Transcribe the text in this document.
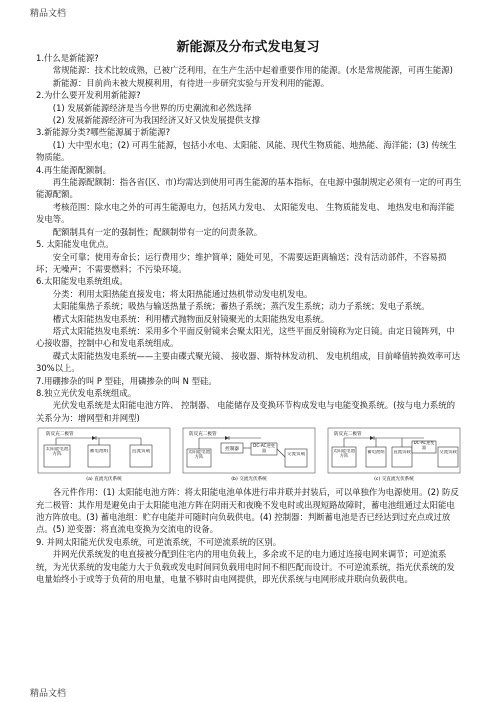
精品文档
新能源及分布式发电复习

1.什么是新能源?

常规能源：技术比较成熟，已被广泛利用，在生产生活中起着重要作用的能源。(水是常规能源，可再生能源)

新能源：目前尚未被大规模利用，有待进一步研究实验与开发利用的能源。

2.为什么要开发利用新能源?

(1) 发展新能源经济是当今世界的历史潮流和必然选择

(2) 发展新能源经济可为我国经济又好又快发展提供支撑

3.新能源分类?哪些能源属于新能源?

(1) 大中型水电；(2) 可再生能源，包括小水电、太阳能、风能、现代生物质能、地热能、海洋能；(3) 传统生物质能。

4.再生能源配额制。

再生能源配额制：指各省(区、市)均需达到使用可再生能源的基本指标，在电源中强制规定必须有一定的可再生能源配额。

考核范围：除水电之外的可再生能源电力，包括风力发电、 太阳能发电、 生物质能发电、 地热发电和海洋能发电等。

配额制具有一定的强制性；配额制带有一定的问责条款。

5. 太阳能发电优点。

安全可靠；使用寿命长；运行费用少；维护简单；随处可见，不需要远距离输送；没有活动部件，不容易损坏；无噪声；不需要燃料；不污染环境。

6.太阳能发电系统组成。

分类：利用太阳热能直接发电；将太阳热能通过热机带动发电机发电。

太阳能集热子系统；吸热与输送热量子系统；蓄热子系统；蒸汽发生系统；动力子系统；发电子系统。

槽式太阳能热发电系统：利用槽式抛物面反射镜聚光的太阳能热发电系统。

塔式太阳能热发电系统：采用多个平面反射镜来会聚太阳光，这些平面反射镜称为定日镜。由定日镜阵列，中心接收器，控制中心和发电系统组成。

碟式太阳能热发电系统——主要由碟式聚光镜、 接收器、斯特林发动机、 发电机组成，目前峰值转换效率可达 30%以上。

7.用硼掺杂的叫 P 型硅，用磷掺杂的叫 N 型硅。

8.独立光伏发电系统组成。

光伏发电系统是太阳能电池方阵、 控制器、 电能储存及变换环节构成发电与电能变换系统。(按与电力系统的关系分为：增网型和并网型)

防反充二极管
太阳能电池方阵
蓄电池组	直流负载
(a) 直流光伏系统
防反充二极管
太阳能电池方阵
控制器
DC-AC逆变器
交流负载
(b) 交流光伏系统
防反充二极管
太阳能电池方阵
蓄电池组 直流负载
DC-AC逆变器
交流负载
(c) 交直流光伏系统

各元件作用：(1) 太阳能电池方阵：将太阳能电池单体进行串并联并封装后，可以单独作为电源使用。(2) 防反充二极管：其作用是避免由于太阳能电池方阵在阴雨天和夜晚不发电时或出现短路故障时，蓄电池组通过太阳能电池方阵放电。(3) 蓄电池组：贮存电能并可随时向负载供电。(4) 控制器：判断蓄电池是否已经达到过充点或过放点。(5) 逆变器：将直流电变换为交流电的设备。

9. 并网太阳能光伏发电系统，可逆流系统，不可逆流系统的区别。

并网光伏系统发的电直接被分配到住宅内的用电负载上，多余或不足的电力通过连接电网来调节；可逆流系统，为光伏系统的发电能力大于负载或发电时间同负载用电时间不相匹配而设计。不可逆流系统，指光伏系统的发电量始终小于或等于负荷的用电量，电量不够时由电网提供，即光伏系统与电网形成并联向负载供电。

精品文档
